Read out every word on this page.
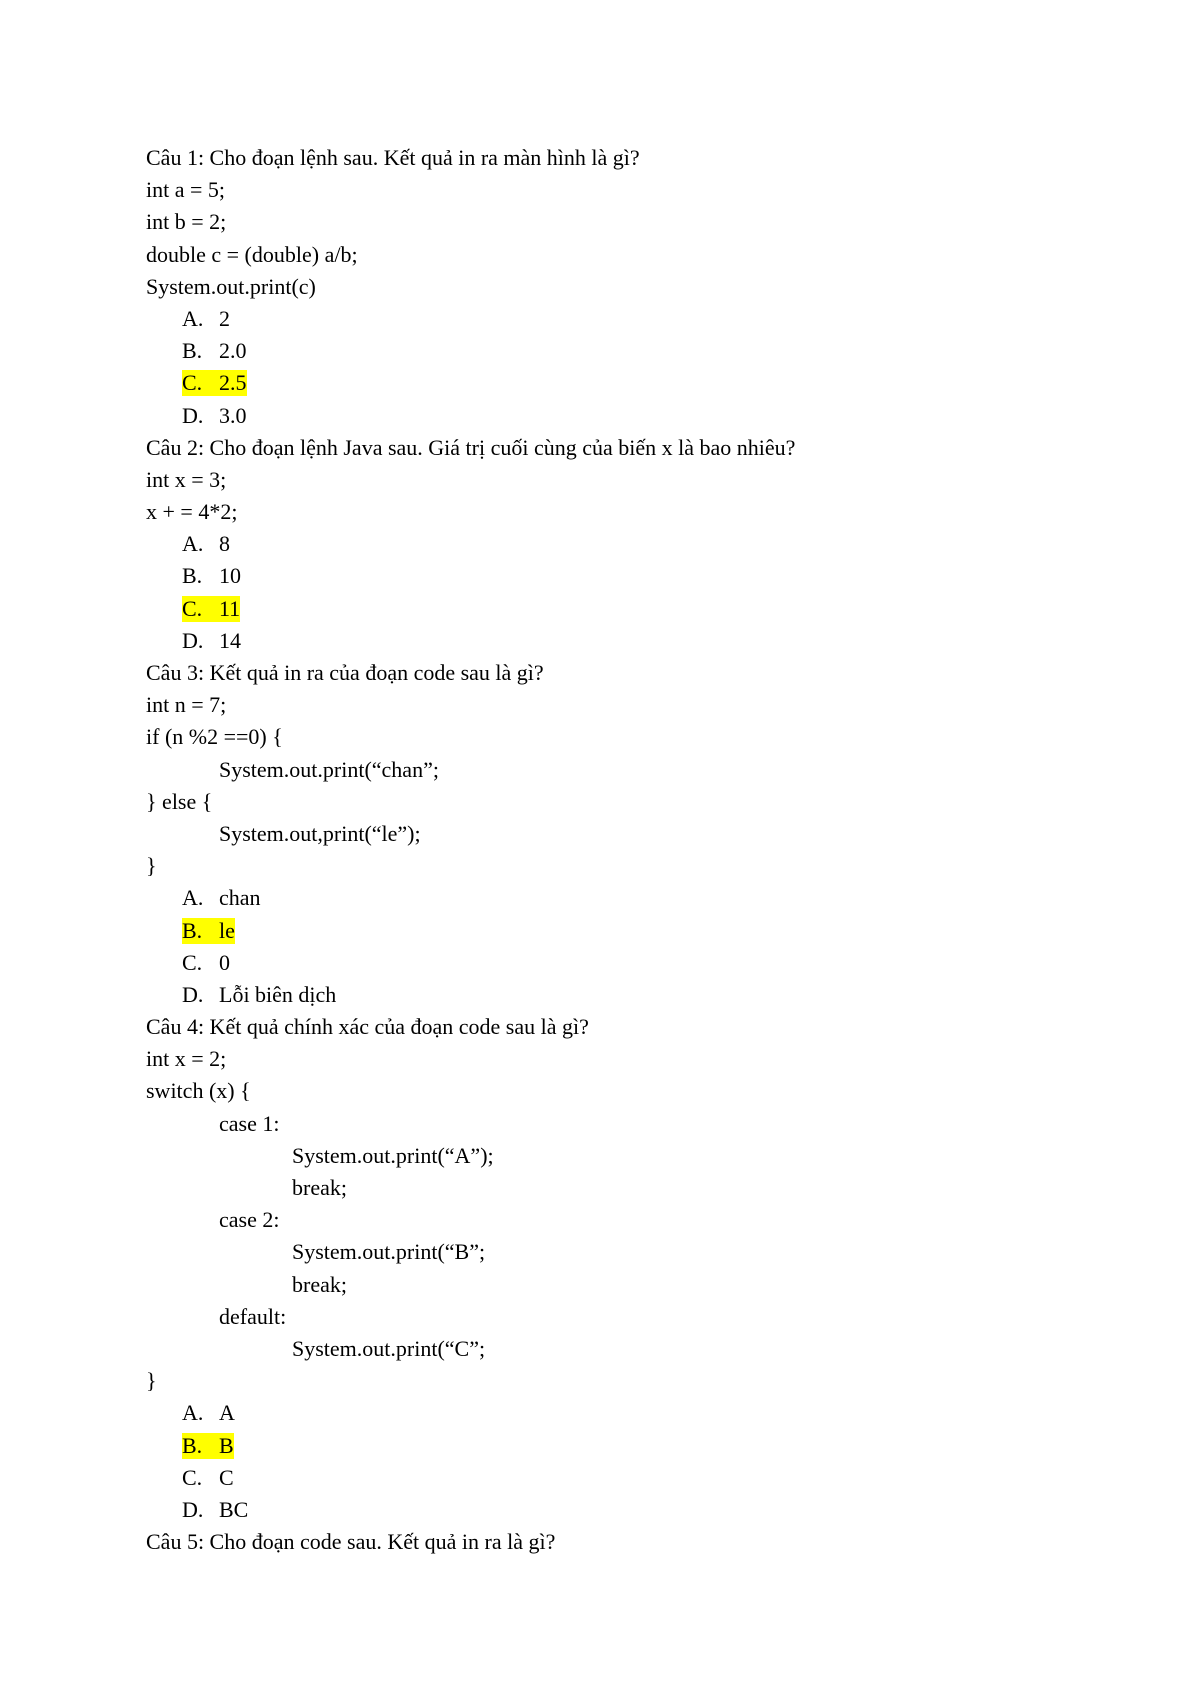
Câu 1: Cho đoạn lệnh sau. Kết quả in ra màn hình là gì?
int a = 5;
int b = 2;
double c = (double) a/b;
System.out.print(c)
A. 2
B. 2.0
C. 2.5
D. 3.0
Câu 2: Cho đoạn lệnh Java sau. Giá trị cuối cùng của biến x là bao nhiêu?
int x = 3;
x + = 4*2;
A. 8
B. 10
C. 11
D. 14
Câu 3: Kết quả in ra của đoạn code sau là gì?
int n = 7;
if (n %2 ==0) {
System.out.print(“chan”;
} else {
System.out,print(“le”);
}
A. chan
B. le
C. 0
D. Lỗi biên dịch
Câu 4: Kết quả chính xác của đoạn code sau là gì?
int x = 2;
switch (x) {
case 1:
System.out.print(“A”);
break;
case 2:
System.out.print(“B”;
break;
default:
System.out.print(“C”;
}
A. A
B. B
C. C
D. BC
Câu 5: Cho đoạn code sau. Kết quả in ra là gì?
